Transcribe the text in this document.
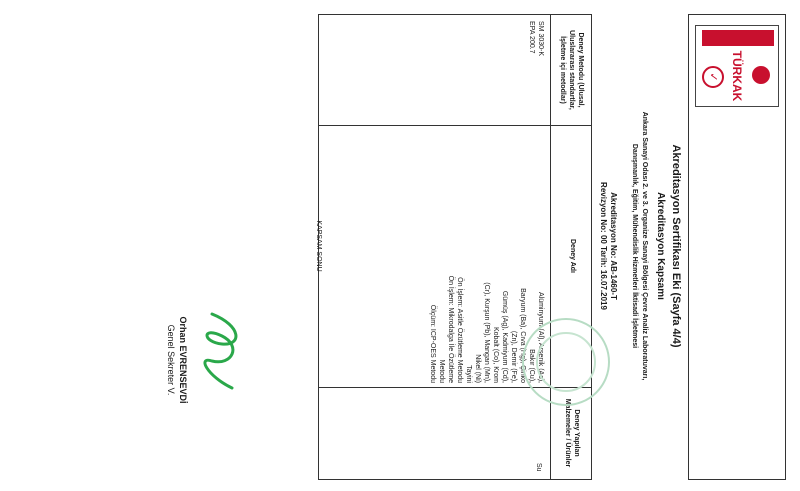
TÜRKAK
✓
Akreditasyon Sertifikası Eki (Sayfa 4/4)
Akreditasyon Kapsamı
Ankara Sanayi Odası 2. ve 3. Organize Sanayi Bölgesi Çevre Analiz Laboratuvarı,
Danışmanlık, Eğitim, Mühendislik Hizmetleri İktisadi İşletmesi
Akreditasyon No: AB-1460-T
Revizyon No: 00 Tarih: 16.07.2019
Deney Metodu (Ulusal, Uluslararası standartlar, İşletme içi metodlar)
Deney Adı
Deney Yapılan Malzemeler / Ürünler
Su
Alüminyum (Al), Arsenik (As), Bakır (Cu),
Baryum (Ba), Cıva (Hg), Çinko (Zn), Demir (Fe),
Gümüş (Ag), Kadmiyum (Cd), Kobalt (Co), Krom
(Cr), Kurşun (Pb), Mangan (Mn), Nikel (Ni)
Tayini
Ön İşlem: Asitle Özütleme Metodu
Ön İşlem: Mikrodalga İle Özütleme Metodu
Ölçüm: ICP-OES Metodu
SM 3030-K
EPA 200.7
KAPSAM SONU
Orhan EVRENSEVDİ
Genel Sekreter V.
